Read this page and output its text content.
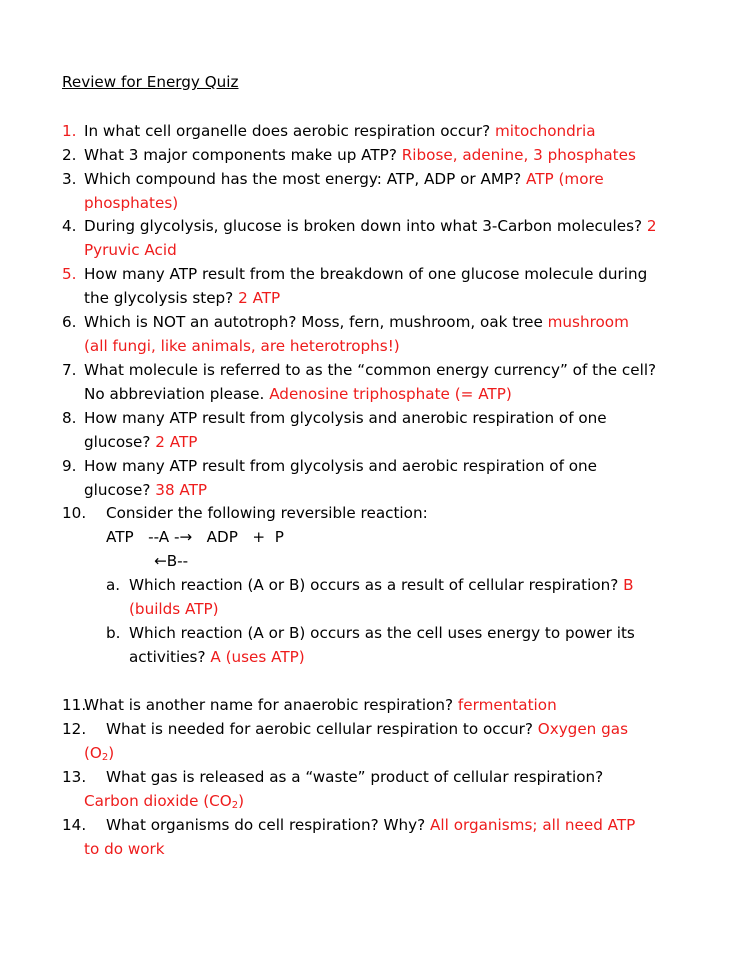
Review for Energy Quiz
1. In what cell organelle does aerobic respiration occur? mitochondria
2. What 3 major components make up ATP? Ribose, adenine, 3 phosphates
3. Which compound has the most energy: ATP, ADP or AMP? ATP (more
phosphates)
4. During glycolysis, glucose is broken down into what 3-Carbon molecules? 2
Pyruvic Acid
5. How many ATP result from the breakdown of one glucose molecule during
the glycolysis step? 2 ATP
6. Which is NOT an autotroph? Moss, fern, mushroom, oak tree mushroom
(all fungi, like animals, are heterotrophs!)
7. What molecule is referred to as the “common energy currency” of the cell?
No abbreviation please. Adenosine triphosphate (= ATP)
8. How many ATP result from glycolysis and anerobic respiration of one
glucose? 2 ATP
9. How many ATP result from glycolysis and aerobic respiration of one
glucose? 38 ATP
10. Consider the following reversible reaction:
ATP   --A -→   ADP   +  P
←B--
a. Which reaction (A or B) occurs as a result of cellular respiration? B
(builds ATP)
b. Which reaction (A or B) occurs as the cell uses energy to power its
activities? A (uses ATP)
11.
What is another name for anaerobic respiration? fermentation
12. What is needed for aerobic cellular respiration to occur? Oxygen gas
$(O_2)$
13. What gas is released as a “waste” product of cellular respiration?
Carbon dioxide $(CO_2)$
14. What organisms do cell respiration? Why? All organisms; all need ATP
to do work
